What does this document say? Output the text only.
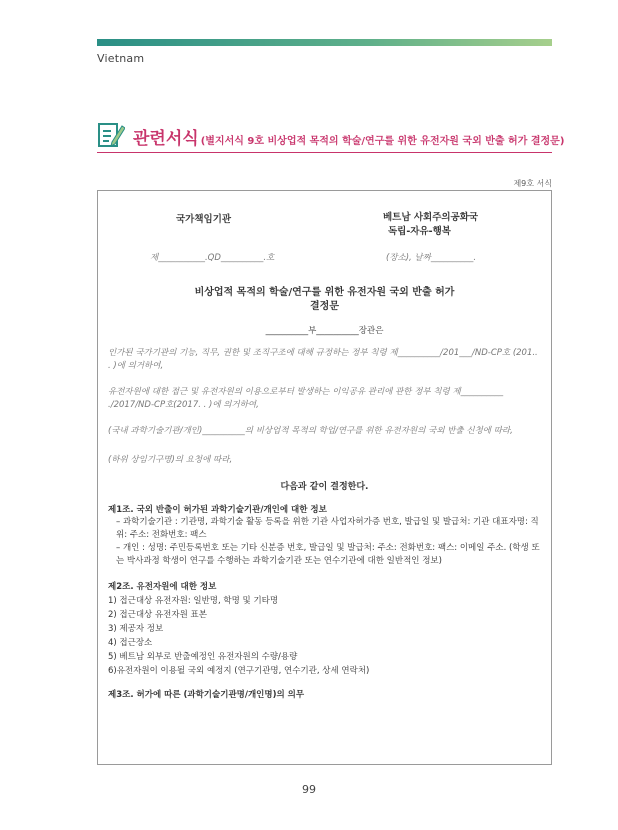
Vietnam
관련서식 (별지서식 9호 비상업적 목적의 학술/연구를 위한 유전자원 국외 반출 허가 결정문)
제9호 서식
국가책임기관	베트남 사회주의공화국
독립-자유-행복
제___________.QD__________.호	(장소), 날짜__________.
비상업적 목적의 학술/연구를 위한 유전자원 국외 반출 허가
결정문
__________부__________장관은
인가된 국가기관의 기능, 직무, 권한 및 조직구조에 대해 규정하는 정부 칙령 제__________/201___/ND-CP호 (201.. . )에 의거하여,
유전자원에 대한 접근 및 유전자원의 이용으로부터 발생하는 이익공유 관리에 관한 정부 칙령 제__________ ./2017/ND-CP호(2017. . )에 의거하여,
(국내 과학기술기관/개인)__________의 비상업적 목적의 학업/연구를 위한 유전자원의 국외 반출 신청에 따라,
(하위 상임기구명)의 요청에 따라,
다음과 같이 결정한다.
제1조. 국외 반출이 허가된 과학기술기관/개인에 대한 정보
– 과학기술기관 : 기관명, 과학기술 활동 등록을 위한 기관 사업자허가증 번호, 발급일 및 발급처: 기관 대표자명: 직위: 주소: 전화번호: 팩스
– 개인 : 성명: 주민등록번호 또는 기타 신분증 번호, 발급일 및 발급처: 주소: 전화번호: 팩스: 이메일 주소. (학생 또는 박사과정 학생이 연구를 수행하는 과학기술기관 또는 연수기관에 대한 일반적인 정보)
제2조. 유전자원에 대한 정보
1) 접근대상 유전자원: 일반명, 학명 및 기타명
2) 접근대상 유전자원 표본
3) 제공자 정보
4) 접근장소
5) 베트남 외부로 반출예정인 유전자원의 수량/용량
6)유전자원이 이용될 국외 예정지 (연구기관명, 연수기관, 상세 연락처)
제3조. 허가에 따른 (과학기술기관명/개인명)의 의무
99
